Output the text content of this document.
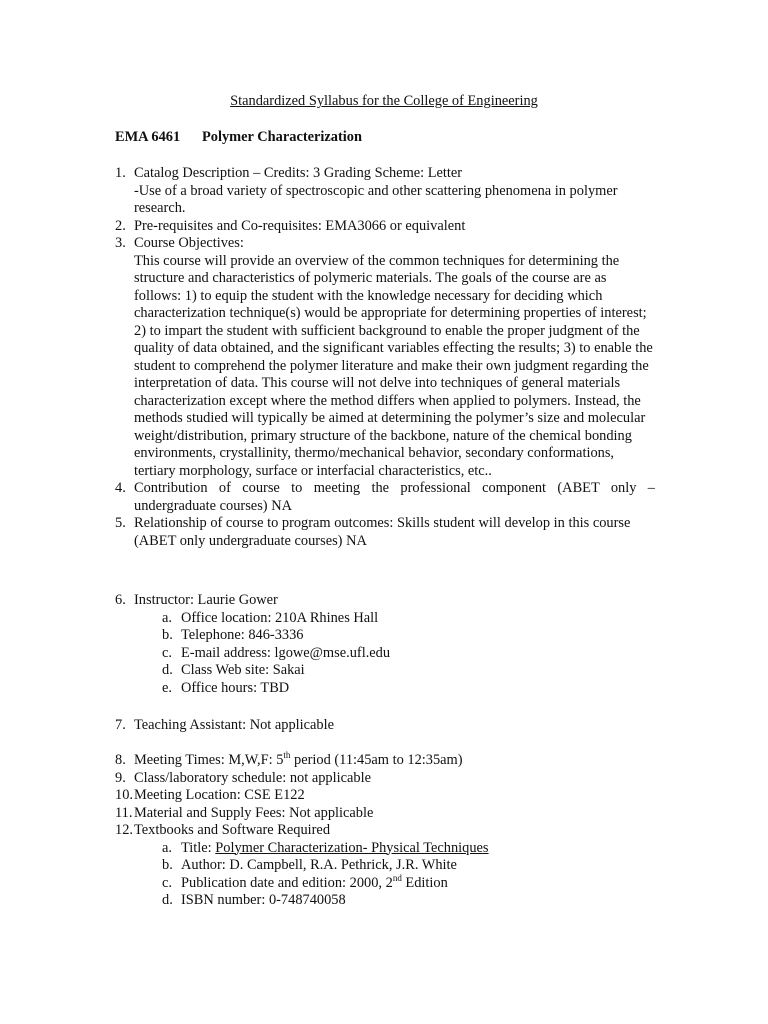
Standardized Syllabus for the College of Engineering
EMA 6461 Polymer Characterization
1. Catalog Description – Credits: 3 Grading Scheme: Letter

-Use of a broad variety of spectroscopic and other scattering phenomena in polymer research.

2. Pre-requisites and Co-requisites: EMA3066 or equivalent

3. Course Objectives:

This course will provide an overview of the common techniques for determining the structure and characteristics of polymeric materials. The goals of the course are as follows: 1) to equip the student with the knowledge necessary for deciding which characterization technique(s) would be appropriate for determining properties of interest; 2) to impart the student with sufficient background to enable the proper judgment of the quality of data obtained, and the significant variables effecting the results; 3) to enable the student to comprehend the polymer literature and make their own judgment regarding the interpretation of data. This course will not delve into techniques of general materials characterization except where the method differs when applied to polymers. Instead, the methods studied will typically be aimed at determining the polymer’s size and molecular weight/distribution, primary structure of the backbone, nature of the chemical bonding environments, crystallinity, thermo/mechanical behavior, secondary conformations, tertiary morphology, surface or interfacial characteristics, etc..

4. Contribution of course to meeting the professional component (ABET only – undergraduate courses) NA

5. Relationship of course to program outcomes: Skills student will develop in this course (ABET only undergraduate courses) NA

6. Instructor: Laurie Gower

a. Office location: 210A Rhines Hall

b. Telephone: 846-3336

c. E-mail address: lgowe@mse.ufl.edu

d. Class Web site: Sakai

e. Office hours: TBD

7. Teaching Assistant: Not applicable

8. Meeting Times: M,W,F: 5th period (11:45am to 12:35am)

9. Class/laboratory schedule: not applicable

10. Meeting Location: CSE E122

11. Material and Supply Fees: Not applicable

12. Textbooks and Software Required

a. Title: Polymer Characterization- Physical Techniques

b. Author: D. Campbell, R.A. Pethrick, J.R. White

c. Publication date and edition: 2000, 2nd Edition

d. ISBN number: 0-748740058
